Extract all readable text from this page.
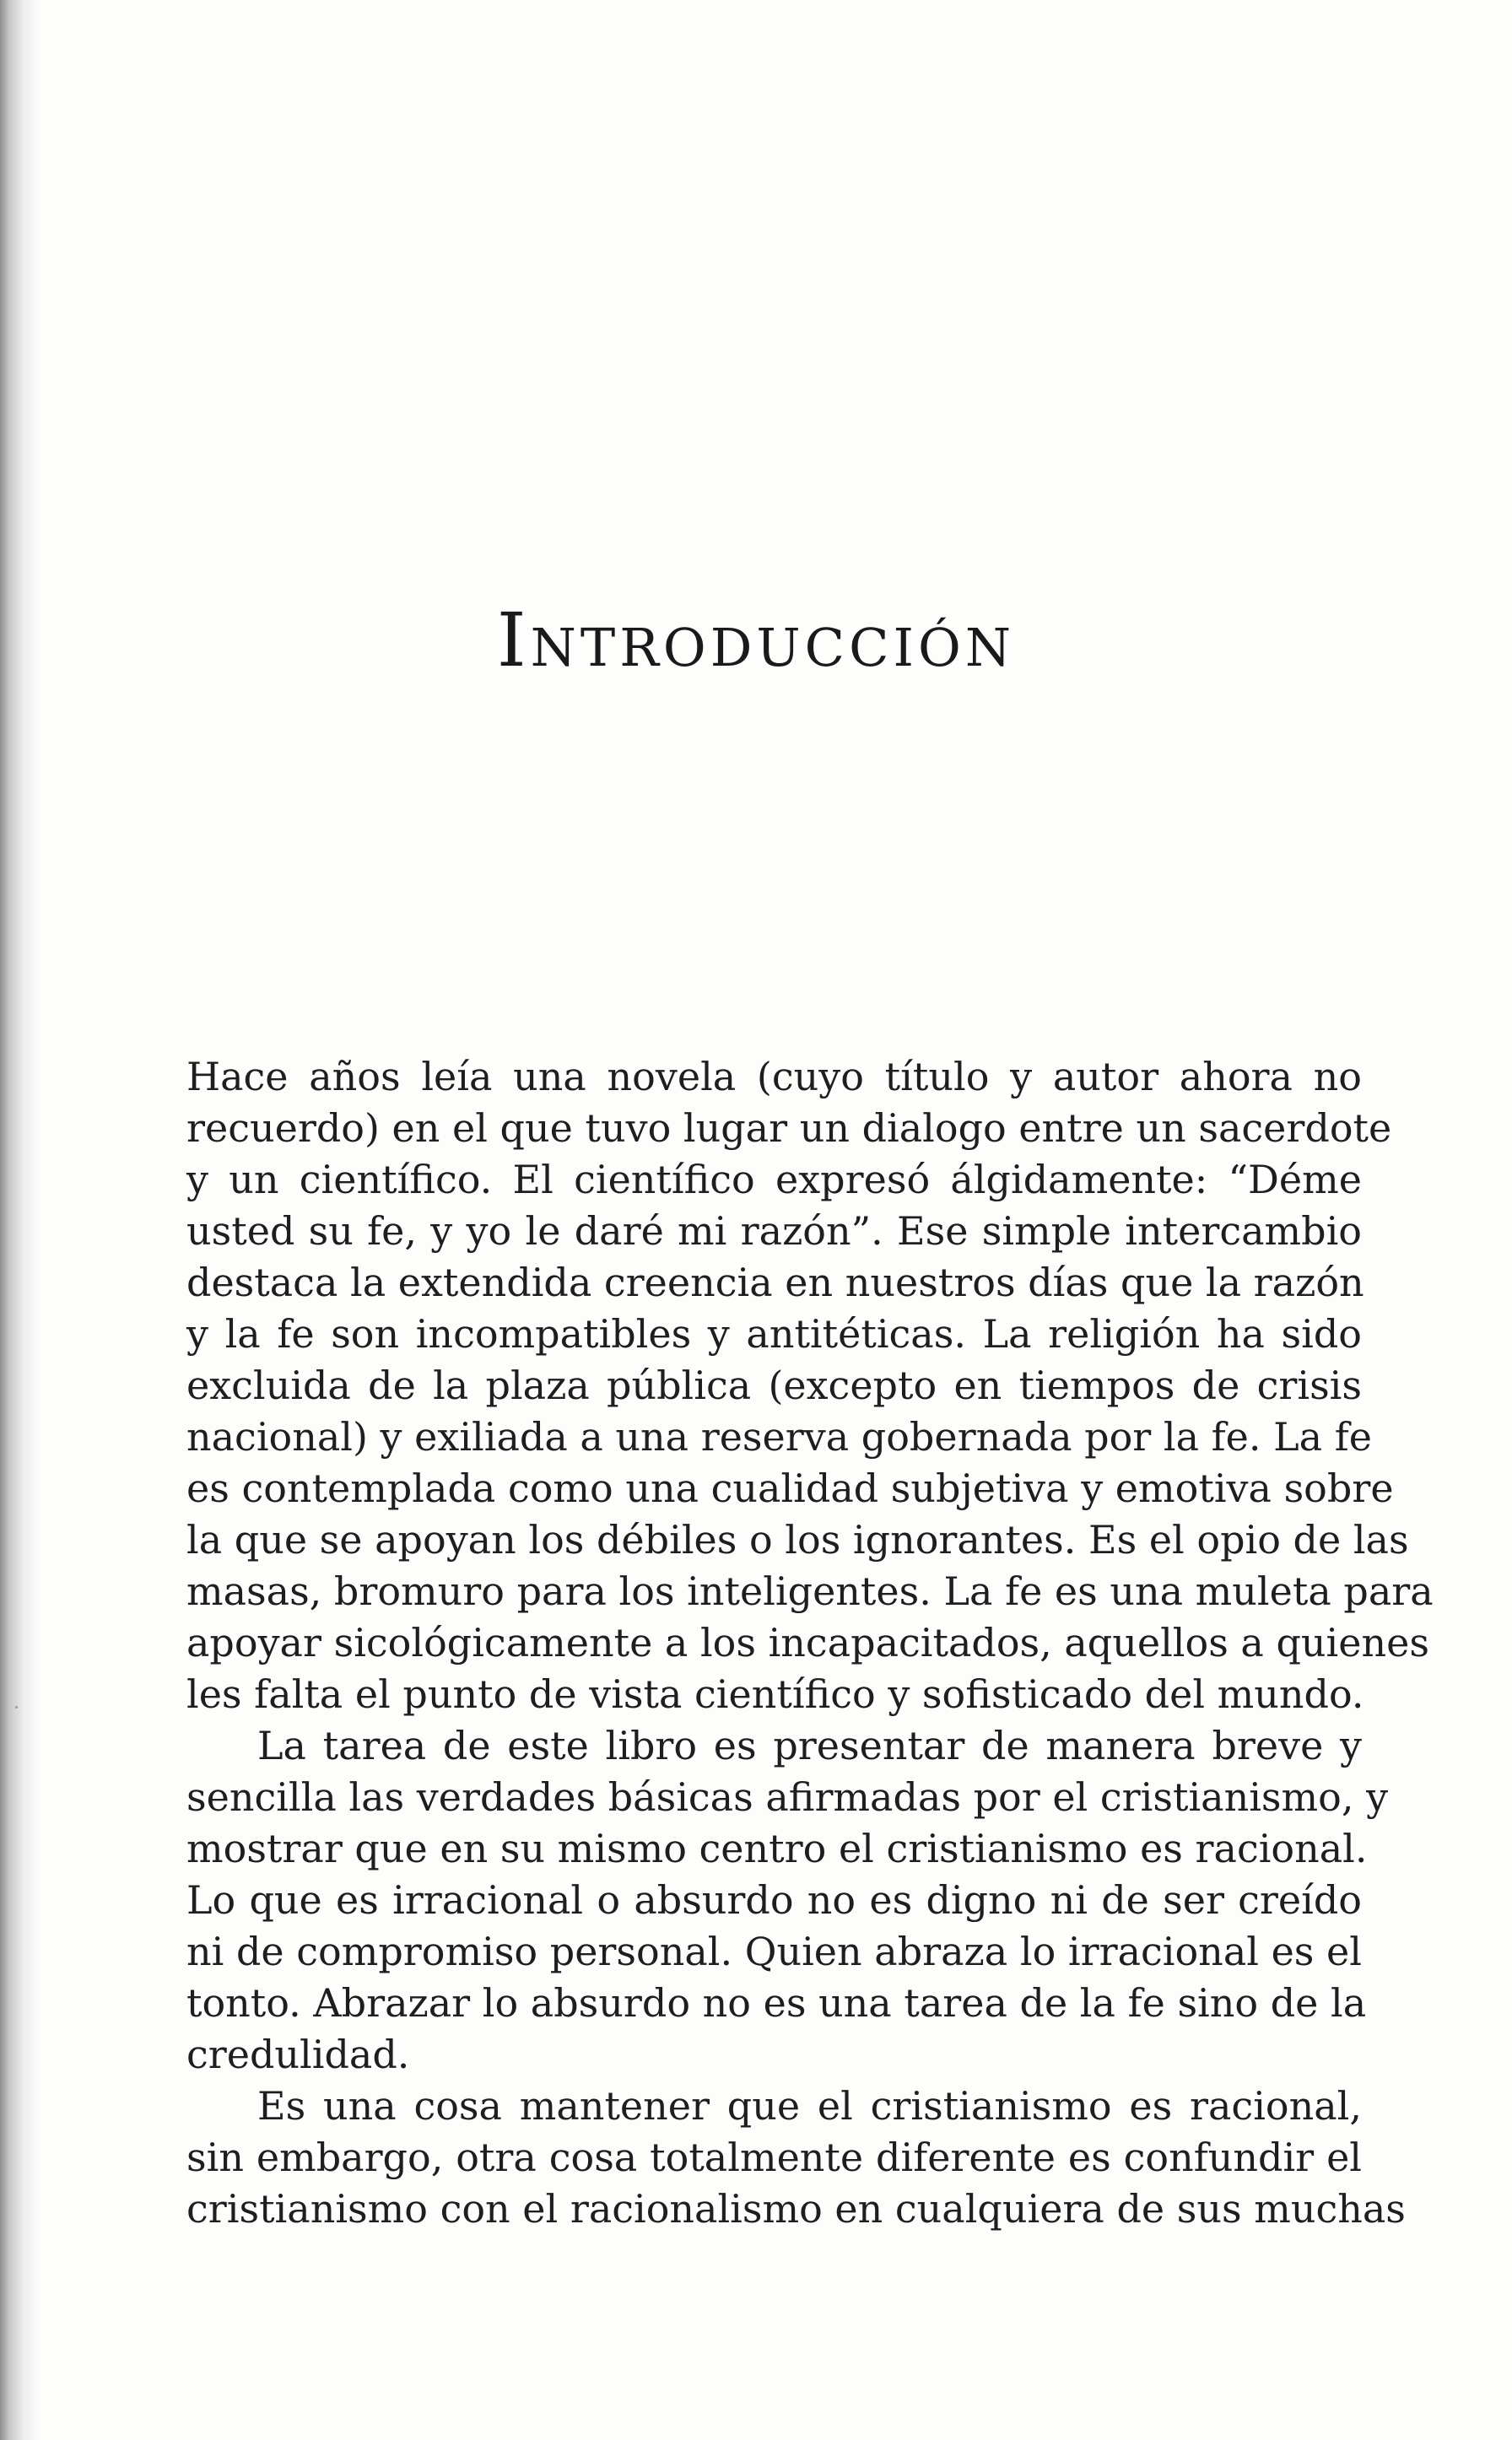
Introducción
Hace años leía una novela (cuyo título y autor ahora no
recuerdo) en el que tuvo lugar un dialogo entre un sacerdote
y un científico. El científico expresó álgidamente: “Déme
usted su fe, y yo le daré mi razón”. Ese simple intercambio
destaca la extendida creencia en nuestros días que la razón
y la fe son incompatibles y antitéticas. La religión ha sido
excluida de la plaza pública (excepto en tiempos de crisis
nacional) y exiliada a una reserva gobernada por la fe. La fe
es contemplada como una cualidad subjetiva y emotiva sobre
la que se apoyan los débiles o los ignorantes. Es el opio de las
masas, bromuro para los inteligentes. La fe es una muleta para
apoyar sicológicamente a los incapacitados, aquellos a quienes
les falta el punto de vista científico y sofisticado del mundo.
La tarea de este libro es presentar de manera breve y
sencilla las verdades básicas afirmadas por el cristianismo, y
mostrar que en su mismo centro el cristianismo es racional.
Lo que es irracional o absurdo no es digno ni de ser creído
ni de compromiso personal. Quien abraza lo irracional es el
tonto. Abrazar lo absurdo no es una tarea de la fe sino de la
credulidad.
Es una cosa mantener que el cristianismo es racional,
sin embargo, otra cosa totalmente diferente es confundir el
cristianismo con el racionalismo en cualquiera de sus muchas
